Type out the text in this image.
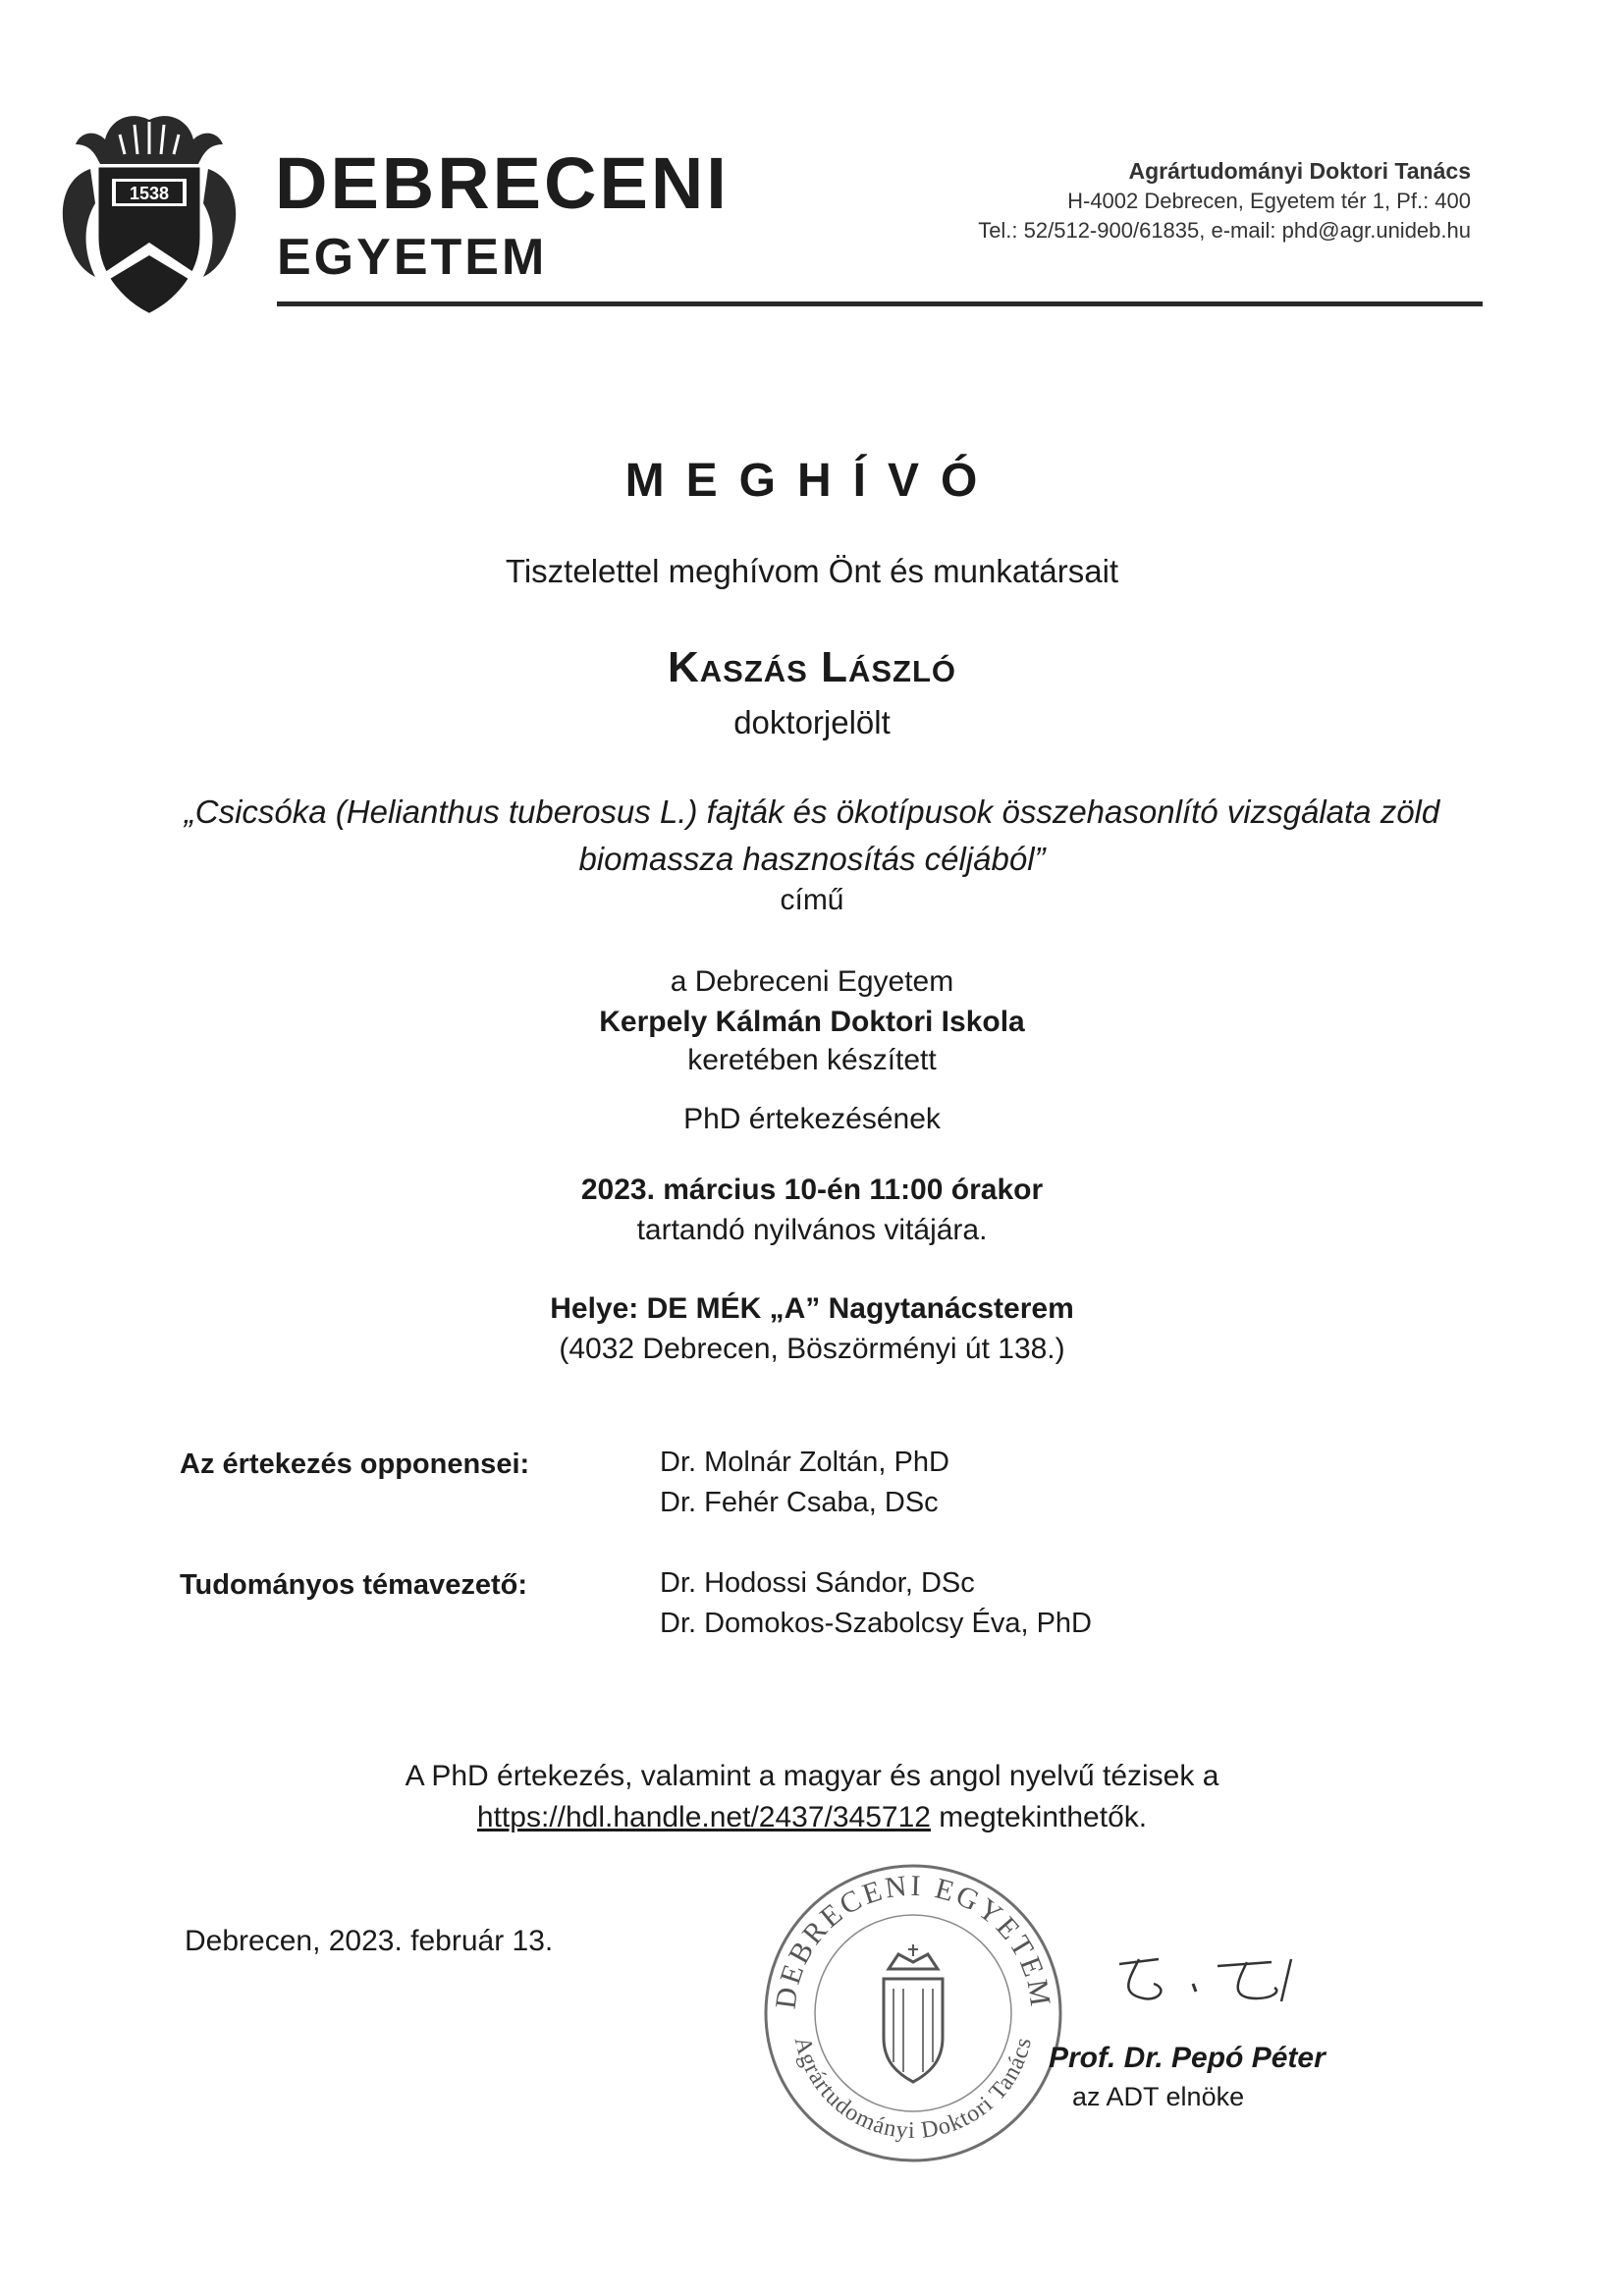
1538 DEBRECENI
EGYETEM
Agrártudományi Doktori Tanács
H-4002 Debrecen, Egyetem tér 1, Pf.: 400
Tel.: 52/512-900/61835, e-mail: phd@agr.unideb.hu
MEGHÍVÓ
Tisztelettel meghívom Önt és munkatársait
Kaszás László
doktorjelölt
„Csicsóka (Helianthus tuberosus L.) fajták és ökotípusok összehasonlító vizsgálata zöld
biomassza hasznosítás céljából”
című
a Debreceni Egyetem
Kerpely Kálmán Doktori Iskola
keretében készített
PhD értekezésének
2023. március 10-én 11:00 órakor
tartandó nyilvános vitájára.
Helye: DE MÉK „A” Nagytanácsterem
(4032 Debrecen, Böszörményi út 138.)
Az értekezés opponensei:	Dr. Molnár Zoltán, PhD
Dr. Fehér Csaba, DSc
Tudományos témavezető:	Dr. Hodossi Sándor, DSc
Dr. Domokos-Szabolcsy Éva, PhD
A PhD értekezés, valamint a magyar és angol nyelvű tézisek a
https://hdl.handle.net/2437/345712 megtekinthetők.
Debrecen, 2023. február 13.
DEBRECENI EGYETEM
Agrártudományi Doktori Tanács Prof. Dr. Pepó Péter
az ADT elnöke
